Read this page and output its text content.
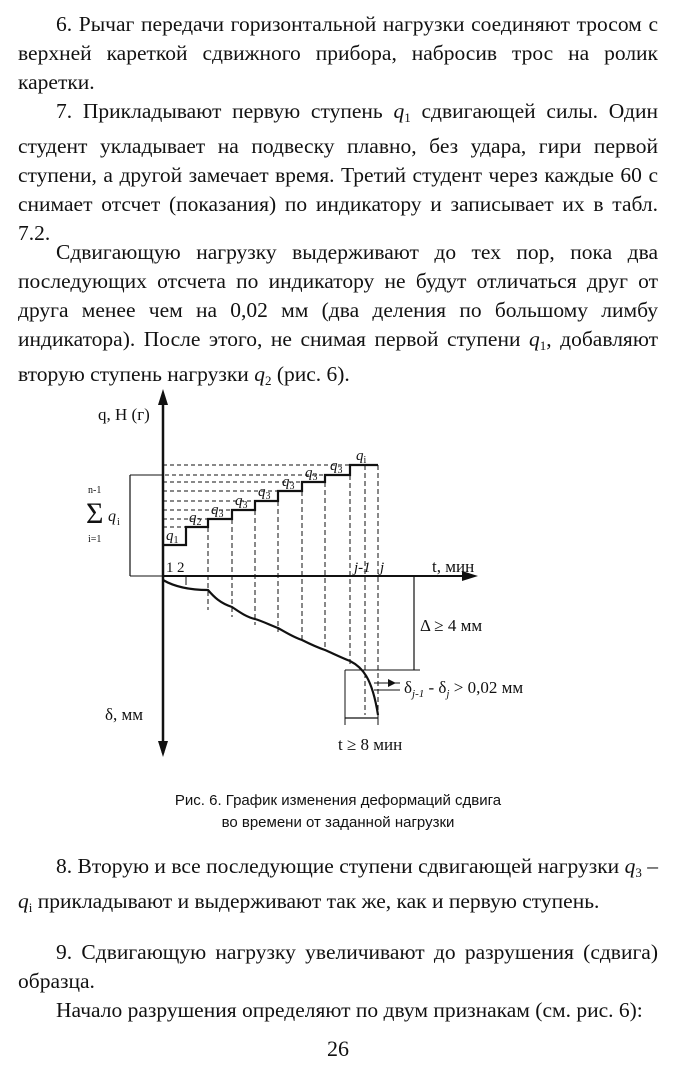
6. Рычаг передачи горизонтальной нагрузки соединяют тросом с верхней кареткой сдвижного прибора, набросив трос на ролик каретки.

7. Прикладывают первую ступень $q_1$ сдвигающей силы. Один студент укладывает на подвеску плавно, без удара, гири первой ступени, а другой замечает время. Третий студент через каждые 60 с снимает отсчет (показания) по индикатору и записывает их в табл. 7.2.

Сдвигающую нагрузку выдерживают до тех пор, пока два последующих отсчета по индикатору не будут отличаться друг от друга менее чем на 0,02 мм (два деления по большому лимбу индикатора). После этого, не снимая первой ступени $q_1$, добавляют вторую ступень нагрузки $q_2$ (рис. 6).

q, Н (г)
t, мин
δ, мм
n-1
Σ q i
i=1	$q_1$
$q_2$
$q_3$
$q_3$
$q_3$
$q_3$
$q_3$
$q_3$
$q_i$
1 2	j-1 j
Δ ≥ 4 мм
$\delta_{j-1} - \delta_j > 0,02$ мм
t ≥ 8 мин
Рис. 6. График изменения деформаций сдвига
во времени от заданной нагрузки

8. Вторую и все последующие ступени сдвигающей нагрузки $q_3 - q_i$ прикладывают и выдерживают так же, как и первую ступень.

9. Сдвигающую нагрузку увеличивают до разрушения (сдвига) образца.

Начало разрушения определяют по двум признакам (см. рис. 6):

26
